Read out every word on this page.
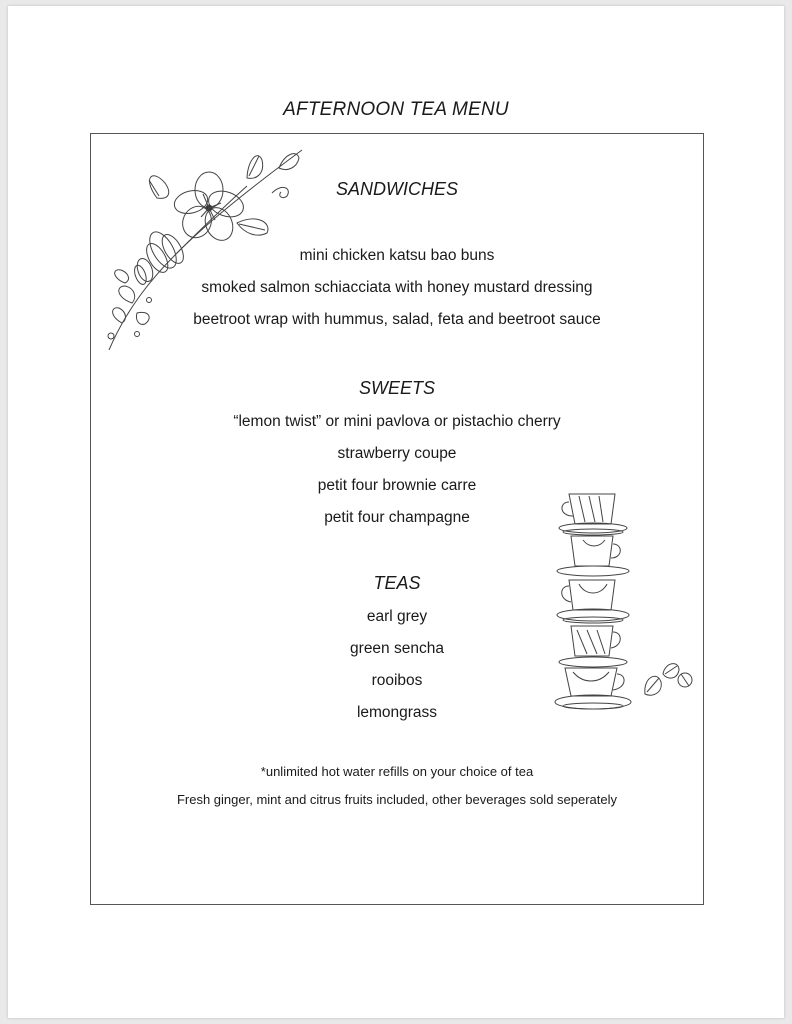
AFTERNOON TEA MENU
SANDWICHES
mini chicken katsu bao buns
smoked salmon schiacciata with honey mustard dressing
beetroot wrap with hummus, salad, feta and beetroot sauce
SWEETS
“lemon twist” or mini pavlova or pistachio cherry
strawberry coupe
petit four brownie carre
petit four champagne
TEAS
earl grey
green sencha
rooibos
lemongrass
*unlimited hot water refills on your choice of tea
Fresh ginger, mint and citrus fruits included, other beverages sold seperately
